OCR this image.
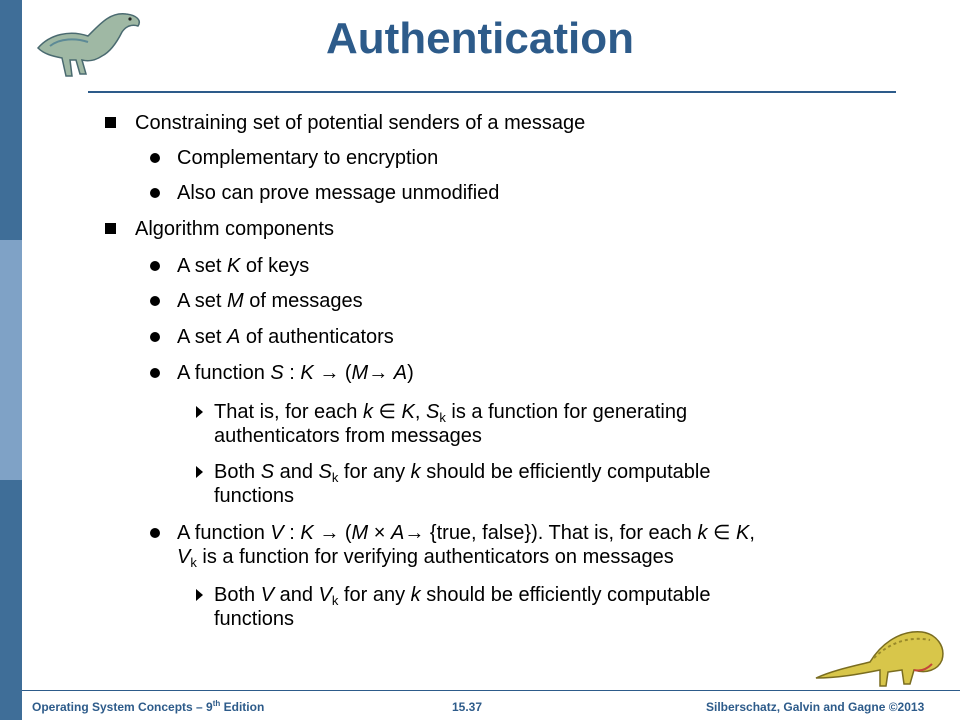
Authentication
Constraining set of potential senders of a message
Complementary to encryption
Also can prove message unmodified
Algorithm components
A set K of keys
A set M of messages
A set A of authenticators
A function S : K → (M→ A)
That is, for each k ∈ K, $S_k$ is a function for generating
authenticators from messages
Both S and $S_k$ for any k should be efficiently computable
functions
A function V : K → (M × A→ {true, false}). That is, for each k ∈ K,
$V_k$ is a function for verifying authenticators on messages
Both V and $V_k$ for any k should be efficiently computable
functions
Operating System Concepts – 9th Edition	15.37	Silberschatz, Galvin and Gagne ©2013
